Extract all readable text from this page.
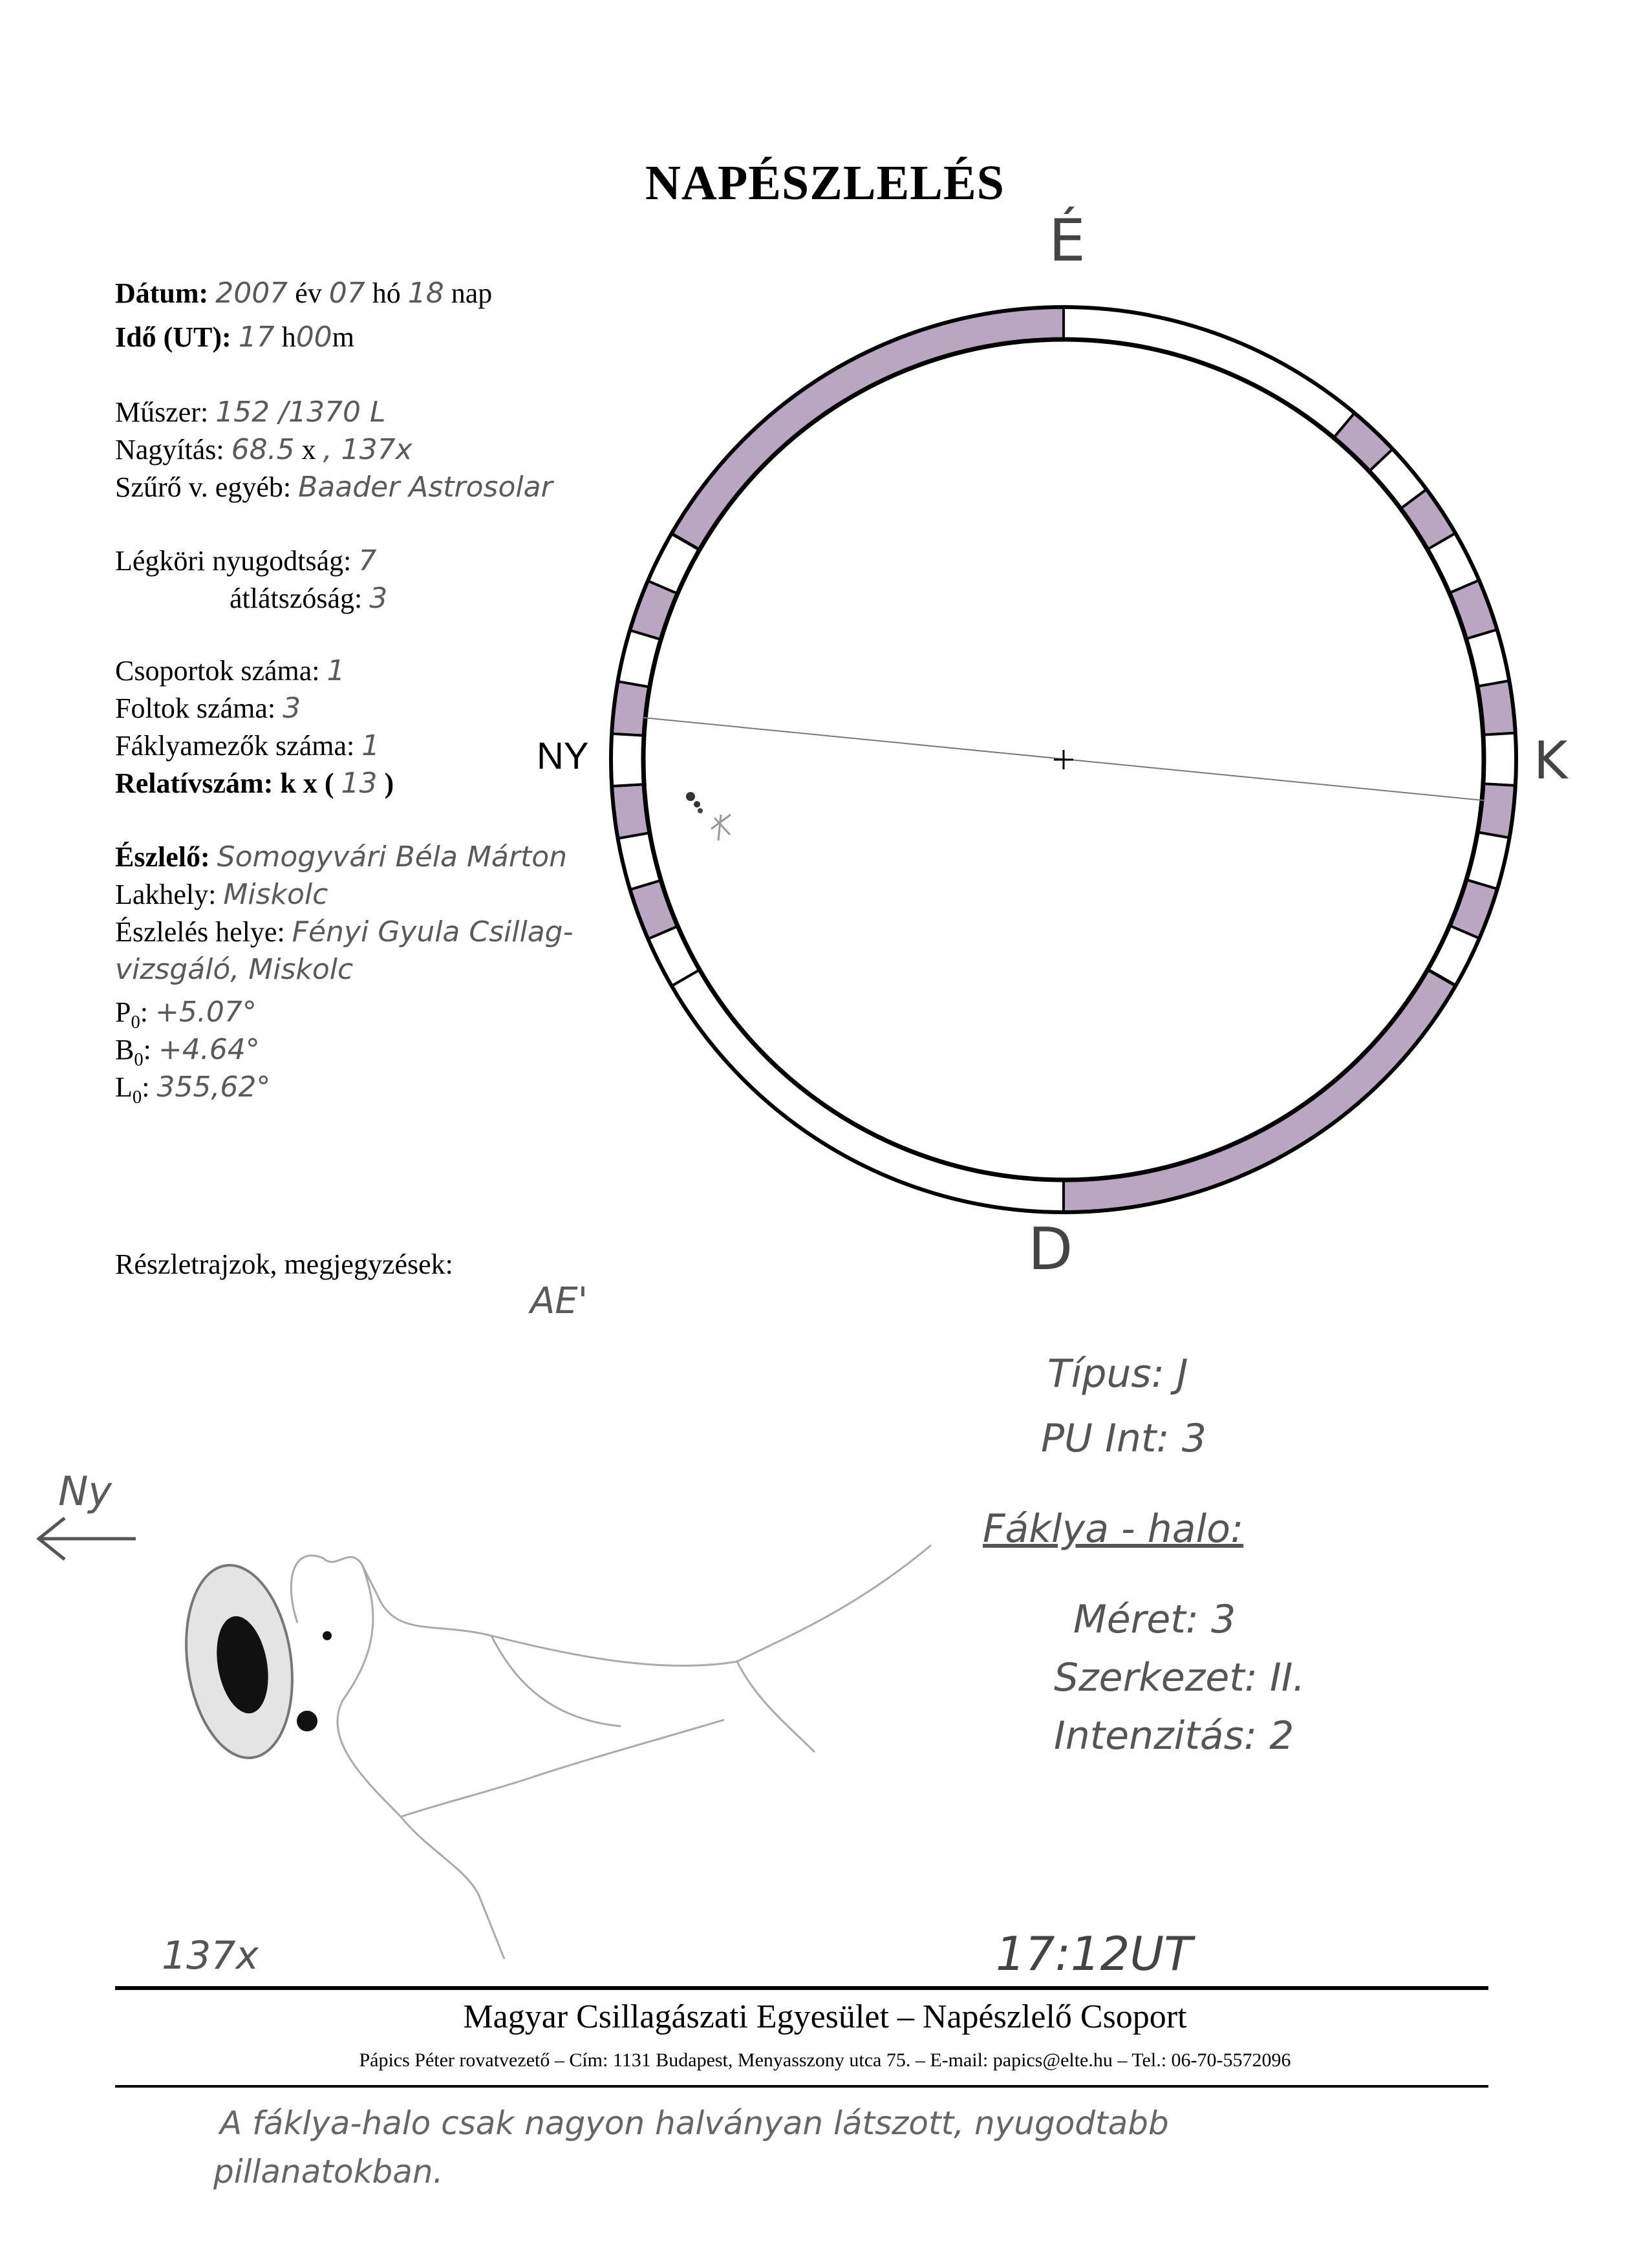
NAPÉSZLELÉS
Dátum: 2007 év 07 hó 18 nap
Idő (UT): 17 h00m
Műszer: 152 /1370 L
Nagyítás: 68.5 x , 137x
Szűrő v. egyéb: Baader Astrosolar
Légköri nyugodtság: 7
átlátszóság: 3
Csoportok száma: 1
Foltok száma: 3
Fáklyamezők száma: 1
Relatívszám: k x ( 13 )
Észlelő: Somogyvári Béla Márton
Lakhely: Miskolc
Észlelés helye: Fényi Gyula Csillag-
vizsgáló, Miskolc
$P_0$: +5.07°
$B_0$: +4.64°
$L_0$: 355,62°
É
D
NY	K
Részletrajzok, megjegyzések:
AE'
Típus: J
PU Int: 3
Fáklya - halo:
Méret: 3
Szerkezet: II.
Intenzitás: 2
Ny
137x	17:12UT
Magyar Csillagászati Egyesület – Napészlelő Csoport
Pápics Péter rovatvezető – Cím: 1131 Budapest, Menyasszony utca 75. – E-mail: papics@elte.hu – Tel.: 06-70-5572096
A fáklya-halo csak nagyon halványan látszott, nyugodtabb
pillanatokban.
